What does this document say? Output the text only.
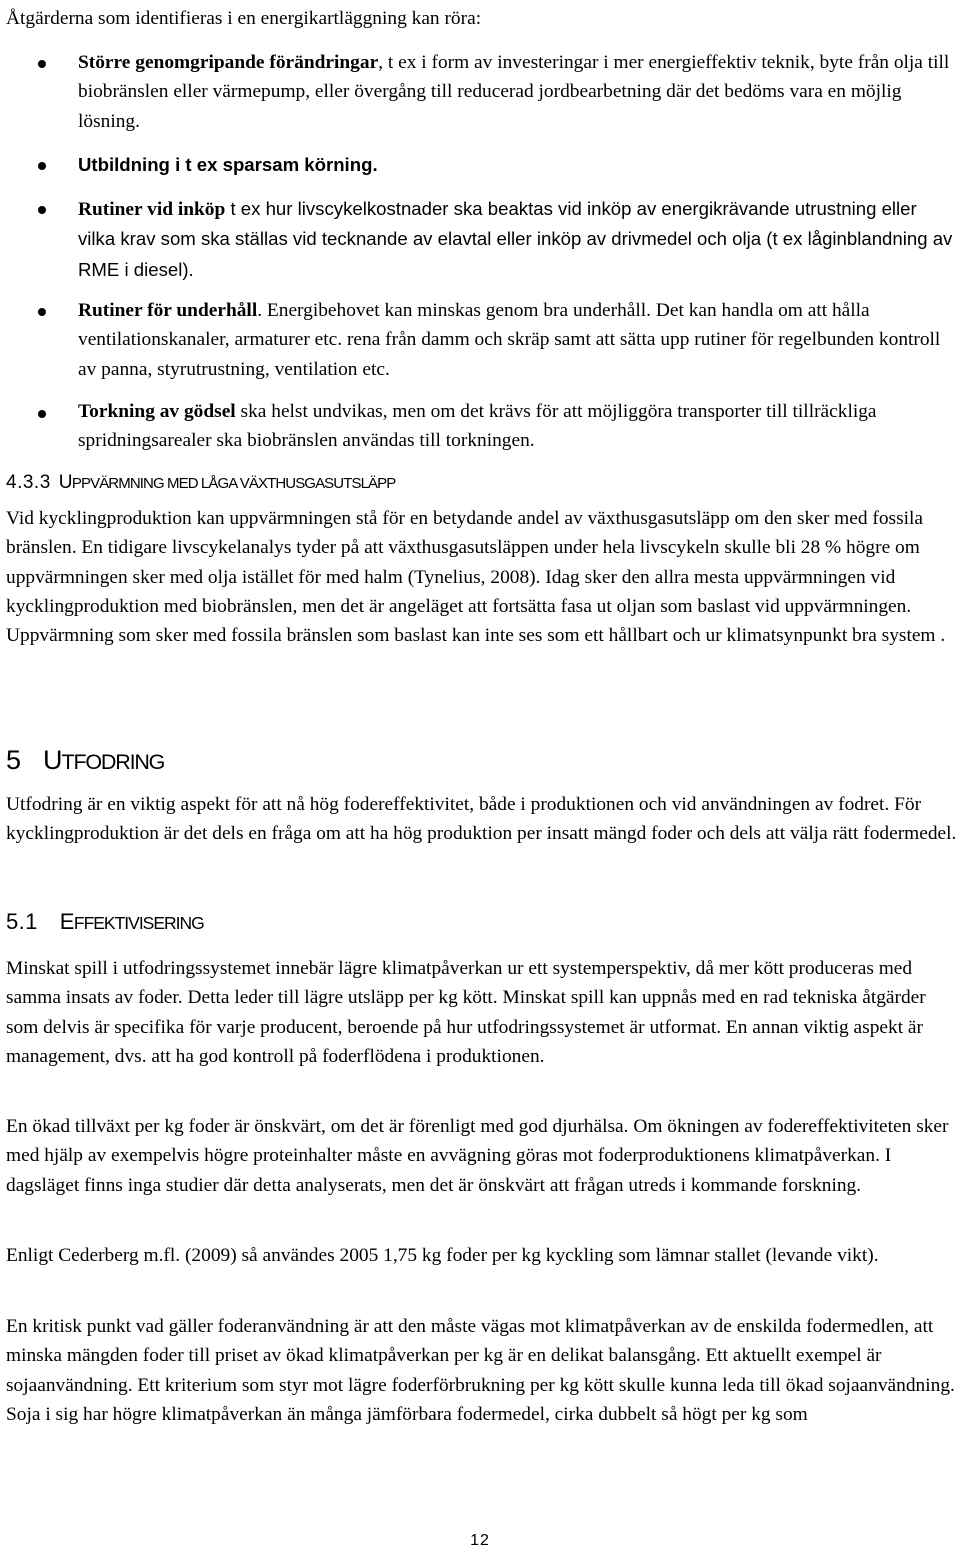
Åtgärderna som identifieras i en energikartläggning kan röra:

Större genomgripande förändringar, t ex i form av investeringar i mer energieffektiv teknik, byte från olja till biobränslen eller värmepump, eller övergång till reducerad jordbearbetning där det bedöms vara en möjlig lösning.

Utbildning i t ex sparsam körning.

Rutiner vid inköp t ex hur livscykelkostnader ska beaktas vid inköp av energikrävande utrustning eller vilka krav som ska ställas vid tecknande av elavtal eller inköp av drivmedel och olja (t ex låginblandning av RME i diesel).

Rutiner för underhåll. Energibehovet kan minskas genom bra underhåll. Det kan handla om att hålla ventilationskanaler, armaturer etc. rena från damm och skräp samt att sätta upp rutiner för regelbunden kontroll av panna, styrutrustning, ventilation etc.

Torkning av gödsel ska helst undvikas, men om det krävs för att möjliggöra transporter till tillräckliga spridningsarealer ska biobränslen användas till torkningen.

4.3.3 UPPVÄRMNING MED LÅGA VÄXTHUSGASUTSLÄPP

Vid kycklingproduktion kan uppvärmningen stå för en betydande andel av växthusgasutsläpp om den sker med fossila bränslen. En tidigare livscykelanalys tyder på att växthusgasutsläppen under hela livscykeln skulle bli 28 % högre om uppvärmningen sker med olja istället för med halm (Tynelius, 2008). Idag sker den allra mesta uppvärmningen vid kycklingproduktion med biobränslen, men det är angeläget att fortsätta fasa ut oljan som baslast vid uppvärmningen. Uppvärmning som sker med fossila bränslen som baslast kan inte ses som ett hållbart och ur klimatsynpunkt bra system .

5 UTFODRING

Utfodring är en viktig aspekt för att nå hög fodereffektivitet, både i produktionen och vid användningen av fodret. För kycklingproduktion är det dels en fråga om att ha hög produktion per insatt mängd foder och dels att välja rätt fodermedel.

5.1 EFFEKTIVISERING

Minskat spill i utfodringssystemet innebär lägre klimatpåverkan ur ett systemperspektiv, då mer kött produceras med samma insats av foder. Detta leder till lägre utsläpp per kg kött. Minskat spill kan uppnås med en rad tekniska åtgärder som delvis är specifika för varje producent, beroende på hur utfodringssystemet är utformat. En annan viktig aspekt är management, dvs. att ha god kontroll på foderflödena i produktionen.

En ökad tillväxt per kg foder är önskvärt, om det är förenligt med god djurhälsa. Om ökningen av fodereffektiviteten sker med hjälp av exempelvis högre proteinhalter måste en avvägning göras mot foderproduktionens klimatpåverkan. I dagsläget finns inga studier där detta analyserats, men det är önskvärt att frågan utreds i kommande forskning.

Enligt Cederberg m.fl. (2009) så användes 2005 1,75 kg foder per kg kyckling som lämnar stallet (levande vikt).

En kritisk punkt vad gäller foderanvändning är att den måste vägas mot klimatpåverkan av de enskilda fodermedlen, att minska mängden foder till priset av ökad klimatpåverkan per kg är en delikat balansgång. Ett aktuellt exempel är sojaanvändning. Ett kriterium som styr mot lägre foderförbrukning per kg kött skulle kunna leda till ökad sojaanvändning. Soja i sig har högre klimatpåverkan än många jämförbara fodermedel, cirka dubbelt så högt per kg som

12
